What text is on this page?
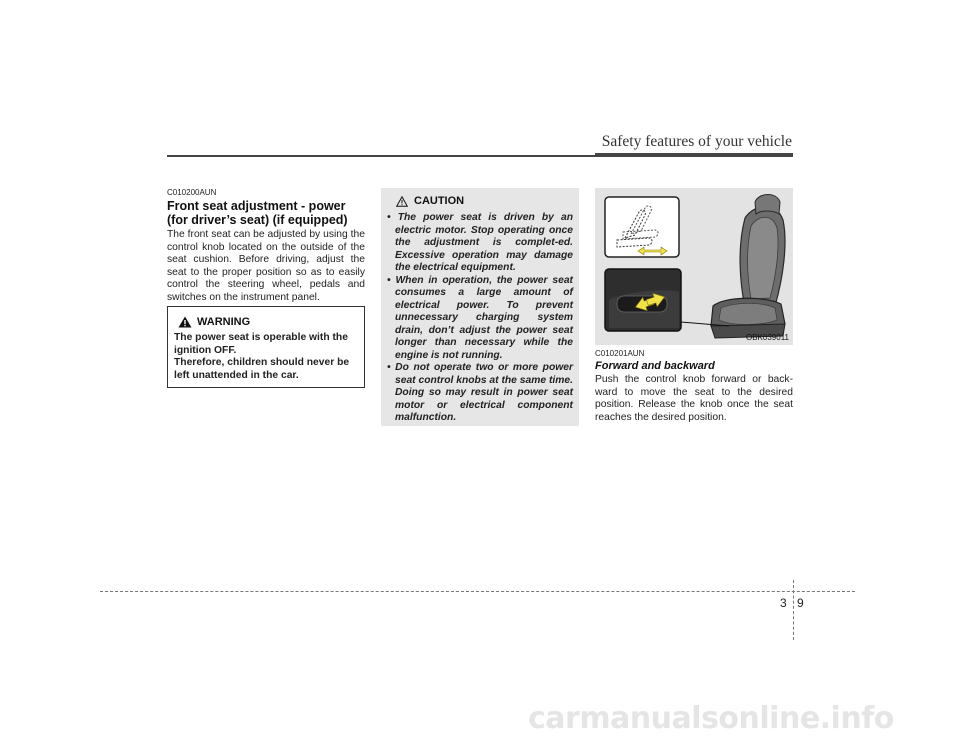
Safety features of your vehicle
C010200AUN
Front seat adjustment - power
(for driver’s seat) (if equipped)
The front seat can be adjusted by using the control knob located on the outside of the seat cushion. Before driving, adjust the seat to the proper position so as to easily control the steering wheel, pedals and switches on the instrument panel.
WARNING
The power seat is operable with the ignition OFF.
Therefore, children should never be left unattended in the car.
CAUTION
• The power seat is driven by an electric motor. Stop operating once the adjustment is complet-ed. Excessive operation may damage the electrical equipment.
• When in operation, the power seat consumes a large amount of electrical power. To prevent unnecessary charging system drain, don’t adjust the power seat longer than necessary while the engine is not running.
• Do not operate two or more power seat control knobs at the same time. Doing so may result in power seat motor or electrical component malfunction.
OBK039011
C010201AUN
Forward and backward
Push the control knob forward or back-ward to move the seat to the desired position. Release the knob once the seat reaches the desired position.
3 9
carmanualsonline.info
